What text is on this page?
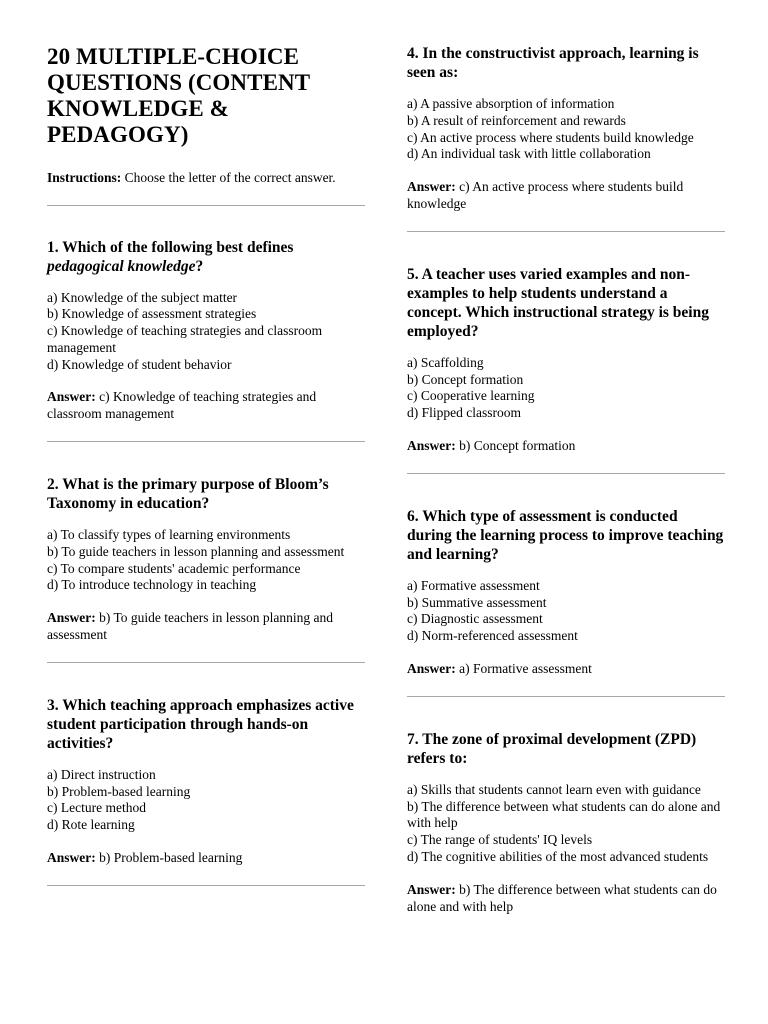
20 MULTIPLE-CHOICE QUESTIONS (CONTENT KNOWLEDGE & PEDAGOGY)
Instructions: Choose the letter of the correct answer.
1. Which of the following best defines pedagogical knowledge?
a) Knowledge of the subject matter
b) Knowledge of assessment strategies
c) Knowledge of teaching strategies and classroom management
d) Knowledge of student behavior
Answer: c) Knowledge of teaching strategies and classroom management
2. What is the primary purpose of Bloom’s Taxonomy in education?
a) To classify types of learning environments
b) To guide teachers in lesson planning and assessment
c) To compare students' academic performance
d) To introduce technology in teaching
Answer: b) To guide teachers in lesson planning and assessment
3. Which teaching approach emphasizes active student participation through hands-on activities?
a) Direct instruction
b) Problem-based learning
c) Lecture method
d) Rote learning
Answer: b) Problem-based learning
4. In the constructivist approach, learning is seen as:
a) A passive absorption of information
b) A result of reinforcement and rewards
c) An active process where students build knowledge
d) An individual task with little collaboration
Answer: c) An active process where students build knowledge
5. A teacher uses varied examples and non-examples to help students understand a concept. Which instructional strategy is being employed?
a) Scaffolding
b) Concept formation
c) Cooperative learning
d) Flipped classroom
Answer: b) Concept formation
6. Which type of assessment is conducted during the learning process to improve teaching and learning?
a) Formative assessment
b) Summative assessment
c) Diagnostic assessment
d) Norm-referenced assessment
Answer: a) Formative assessment
7. The zone of proximal development (ZPD) refers to:
a) Skills that students cannot learn even with guidance
b) The difference between what students can do alone and with help
c) The range of students' IQ levels
d) The cognitive abilities of the most advanced students
Answer: b) The difference between what students can do alone and with help
